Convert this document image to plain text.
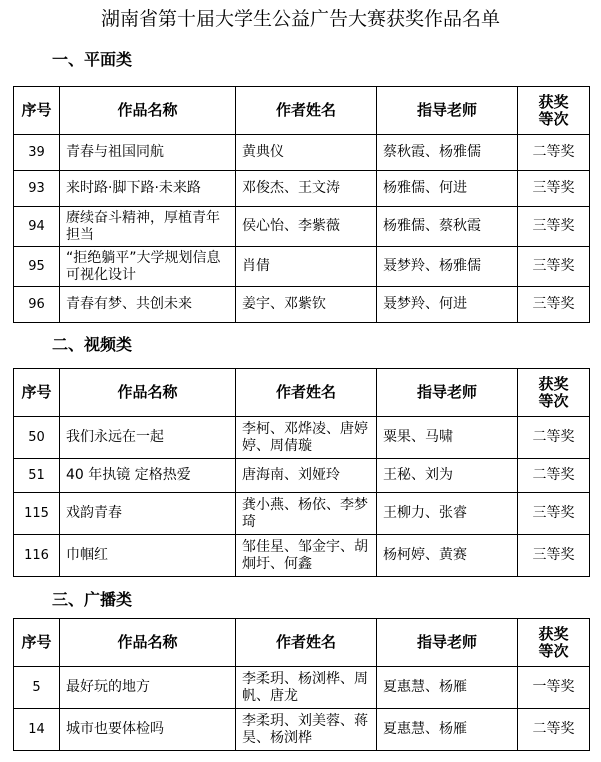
湖南省第十届大学生公益广告大赛获奖作品名单
一、平面类
序号	作品名称	作者姓名	指导老师	获奖
等次
39	青春与祖国同航	黄典仪	蔡秋霞、杨雅儒	二等奖
93	来时路·脚下路·未来路	邓俊杰、王文涛	杨雅儒、何进	三等奖
94	赓续奋斗精神，厚植青年担当	侯心怡、李紫薇	杨雅儒、蔡秋霞	三等奖
95	“拒绝躺平”大学规划信息可视化设计	肖倩	聂梦羚、杨雅儒	三等奖
96	青春有梦、共创未来	姜宇、邓紫钦	聂梦羚、何进	三等奖
二、视频类
序号	作品名称	作者姓名	指导老师	获奖
等次
50	我们永远在一起	李柯、邓烨凌、唐婷婷、周倩璇	粟果、马啸	二等奖
51	40 年执镜 定格热爱	唐海南、刘娅玲	王秘、刘为	二等奖
115	戏韵青春	龚小燕、杨依、李梦琦	王柳力、张睿	三等奖
116	巾帼红	邹佳星、邹金宇、胡炯圩、何鑫	杨柯婷、黄赛	三等奖
三、广播类
序号	作品名称	作者姓名	指导老师	获奖
等次
5	最好玩的地方	李柔玥、杨浏桦、周帆、唐龙	夏惠慧、杨雁	一等奖
14	城市也要体检吗	李柔玥、刘美蓉、蒋昊、杨浏桦	夏惠慧、杨雁	二等奖
